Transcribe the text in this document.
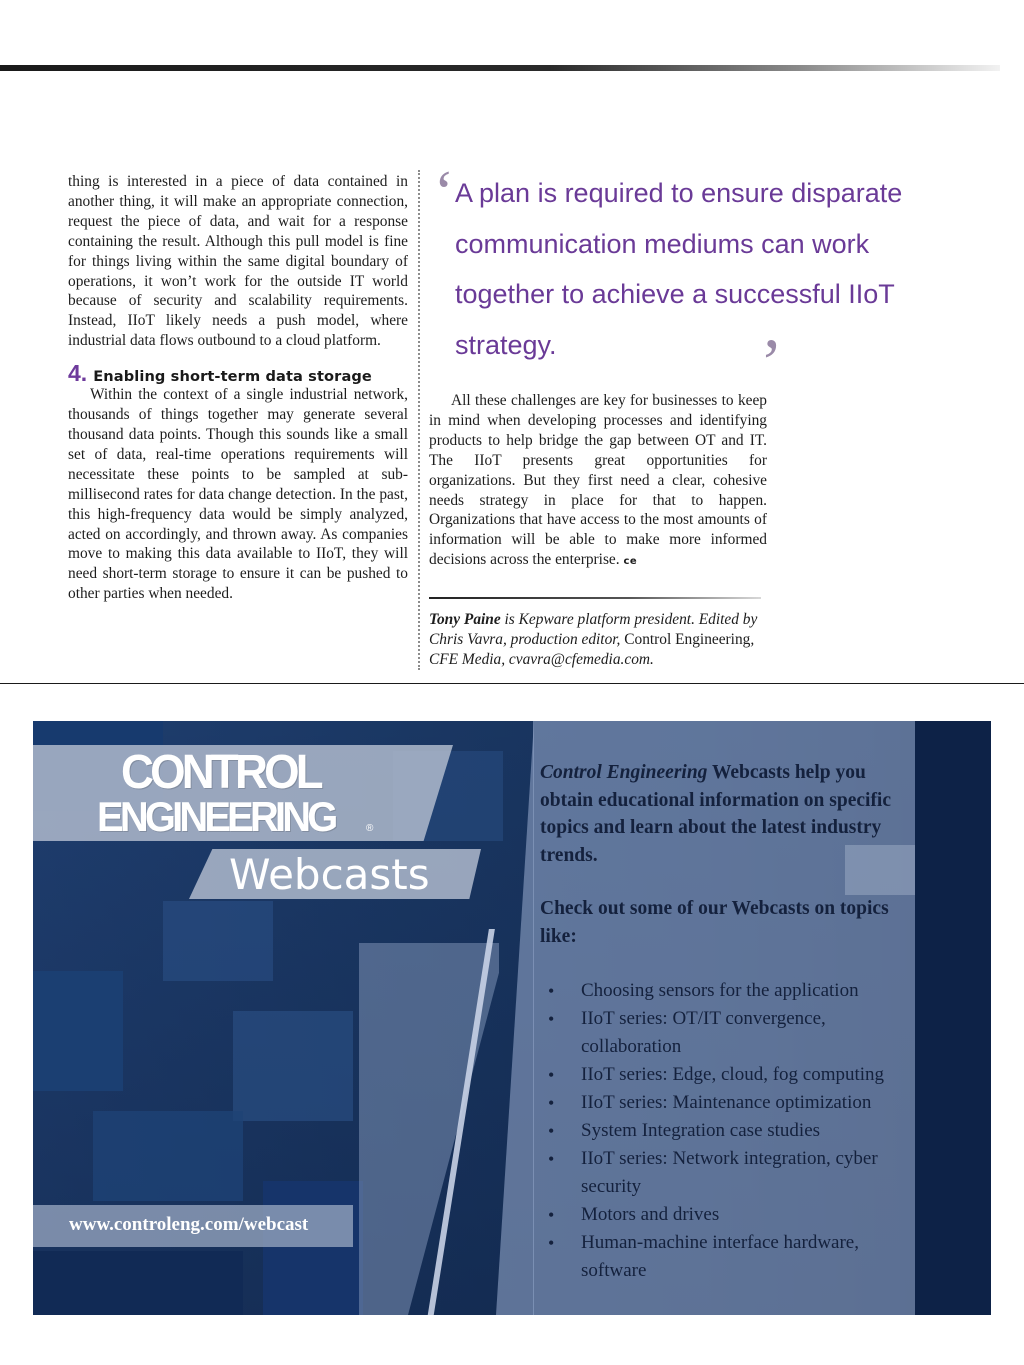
thing is interested in a piece of data contained in another thing, it will make an appropriate connection, request the piece of data, and wait for a response containing the result. Although this pull model is fine for things living within the same digital boundary of operations, it won’t work for the outside IT world because of security and scalability requirements. Instead, IIoT likely needs a push model, where industrial data flows outbound to a cloud platform.

4. Enabling short-term data storage

Within the context of a single industrial network, thousands of things together may generate several thousand data points. Though this sounds like a small set of data, real-time operations requirements will necessitate these points to be sampled at sub-millisecond rates for data change detection. In the past, this high-frequency data would be simply analyzed, acted on accordingly, and thrown away. As companies move to making this data available to IIoT, they will need short-term storage to ensure it can be pushed to other parties when needed.

‘ A plan is required to ensure disparate communication mediums can work together to achieve a successful IIoT strategy.	’

All these challenges are key for businesses to keep in mind when developing processes and identifying products to help bridge the gap between OT and IT. The IIoT presents great opportunities for organizations. But they first need a clear, cohesive needs strategy in place for that to happen. Organizations that have access to the most amounts of information will be able to make more informed decisions across the enterprise. ce

Tony Paine is Kepware platform president. Edited by Chris Vavra, production editor, Control Engineering, CFE Media, cvavra@cfemedia.com.
CONTROL
ENGINEERING	®
Webcasts
www.controleng.com/webcast

Control Engineering Webcasts help you obtain educational information on specific topics and learn about the latest industry trends.

Check out some of our Webcasts on topics like:

• Choosing sensors for the application
• IIoT series: OT/IT convergence, collaboration
• IIoT series: Edge, cloud, fog computing
• IIoT series: Maintenance optimization
• System Integration case studies
• IIoT series: Network integration, cyber security
• Motors and drives
• Human-machine interface hardware, software
